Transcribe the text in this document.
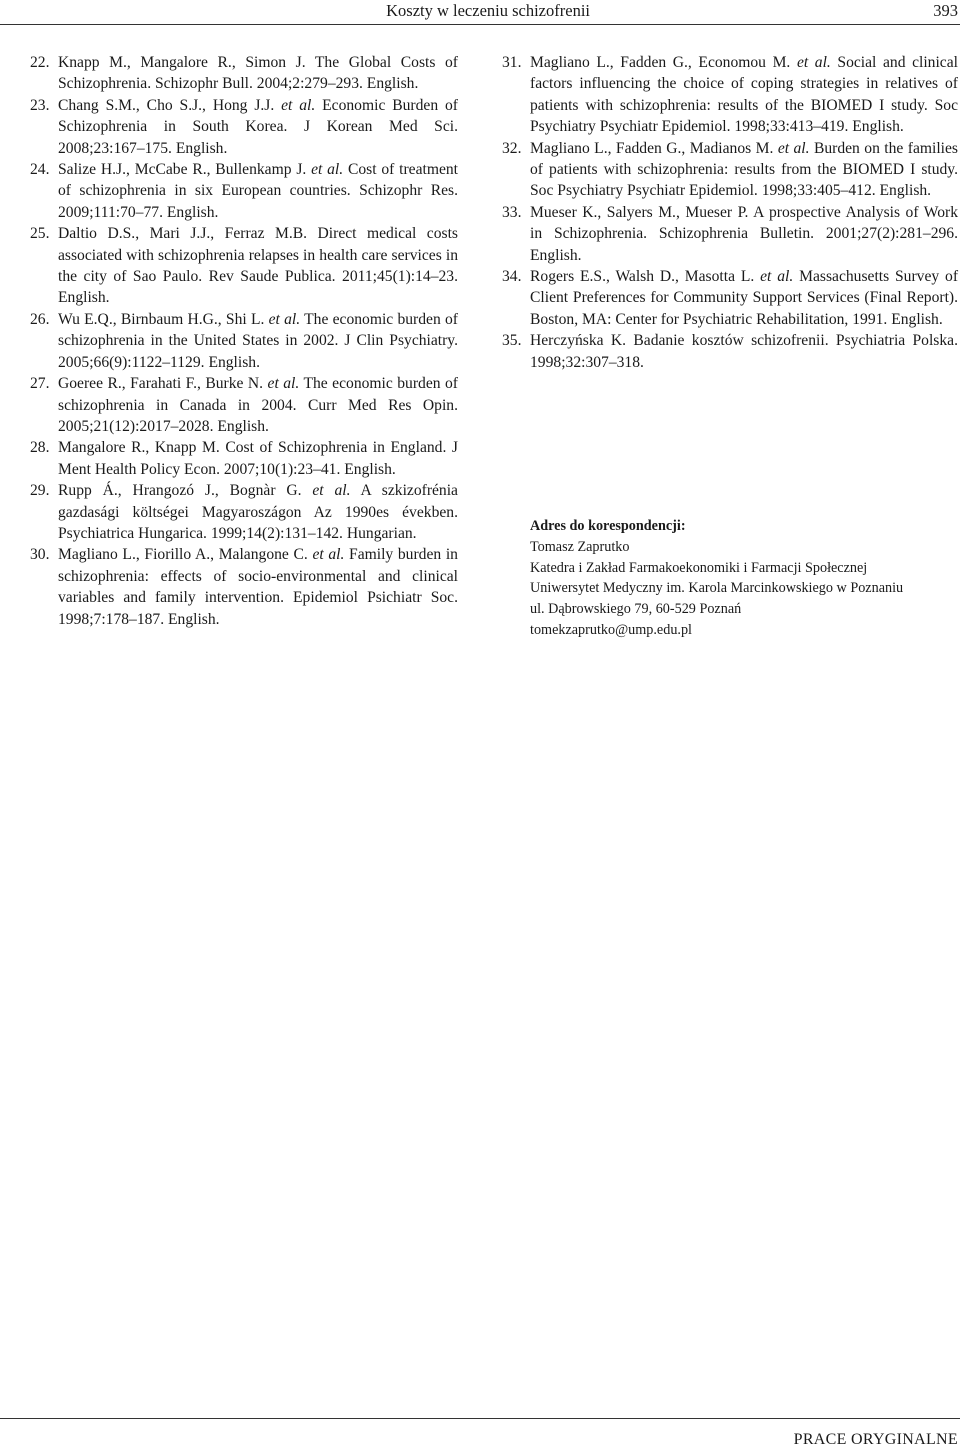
Koszty w leczeniu schizofrenii	393

22. Knapp M., Mangalore R., Simon J. The Global Costs of Schizophrenia. Schizophr Bull. 2004;2:279–293. English.

23. Chang S.M., Cho S.J., Hong J.J. et al. Economic Burden of Schizophrenia in South Korea. J Korean Med Sci. 2008;23:167–175. English.

24. Salize H.J., McCabe R., Bullenkamp J. et al. Cost of treatment of schizophrenia in six European countries. Schizophr Res. 2009;111:70–77. English.

25. Daltio D.S., Mari J.J., Ferraz M.B. Direct medical costs associated with schizophrenia relapses in health care services in the city of Sao Paulo. Rev Saude Publica. 2011;45(1):14–23. English.

26. Wu E.Q., Birnbaum H.G., Shi L. et al. The economic burden of schizophrenia in the United States in 2002. J Clin Psychiatry. 2005;66(9):1122–1129. English.

27. Goeree R., Farahati F., Burke N. et al. The economic burden of schizophrenia in Canada in 2004. Curr Med Res Opin. 2005;21(12):2017–2028. English.

28. Mangalore R., Knapp M. Cost of Schizophrenia in England. J Ment Health Policy Econ. 2007;10(1):23–41. English.

29. Rupp Á., Hrangozó J., Bognàr G. et al. A szkizofrénia gazdasági költségei Magyaroszágon Az 1990es években. Psychiatrica Hungarica. 1999;14(2):131–142. Hungarian.

30. Magliano L., Fiorillo A., Malangone C. et al. Family burden in schizophrenia: effects of socio-environmental and clinical variables and family intervention. Epidemiol Psichiatr Soc. 1998;7:178–187. English.

31. Magliano L., Fadden G., Economou M. et al. Social and clinical factors influencing the choice of coping strategies in relatives of patients with schizophrenia: results of the BIOMED I study. Soc Psychiatry Psychiatr Epidemiol. 1998;33:413–419. English.

32. Magliano L., Fadden G., Madianos M. et al. Burden on the families of patients with schizophrenia: results from the BIOMED I study. Soc Psychiatry Psychiatr Epidemiol. 1998;33:405–412. English.

33. Mueser K., Salyers M., Mueser P. A prospective Analysis of Work in Schizophrenia. Schizophrenia Bulletin. 2001;27(2):281–296. English.

34. Rogers E.S., Walsh D., Masotta L. et al. Massachusetts Survey of Client Preferences for Community Support Services (Final Report). Boston, MA: Center for Psychiatric Rehabilitation, 1991. English.

35. Herczyńska K. Badanie kosztów schizofrenii. Psychiatria Polska. 1998;32:307–318.

Adres do korespondencji:
Tomasz Zaprutko
Katedra i Zakład Farmakoekonomiki i Farmacji Społecznej
Uniwersytet Medyczny im. Karola Marcinkowskiego w Poznaniu
ul. Dąbrowskiego 79, 60-529 Poznań
tomekzaprutko@ump.edu.pl
PRACE ORYGINALNE
